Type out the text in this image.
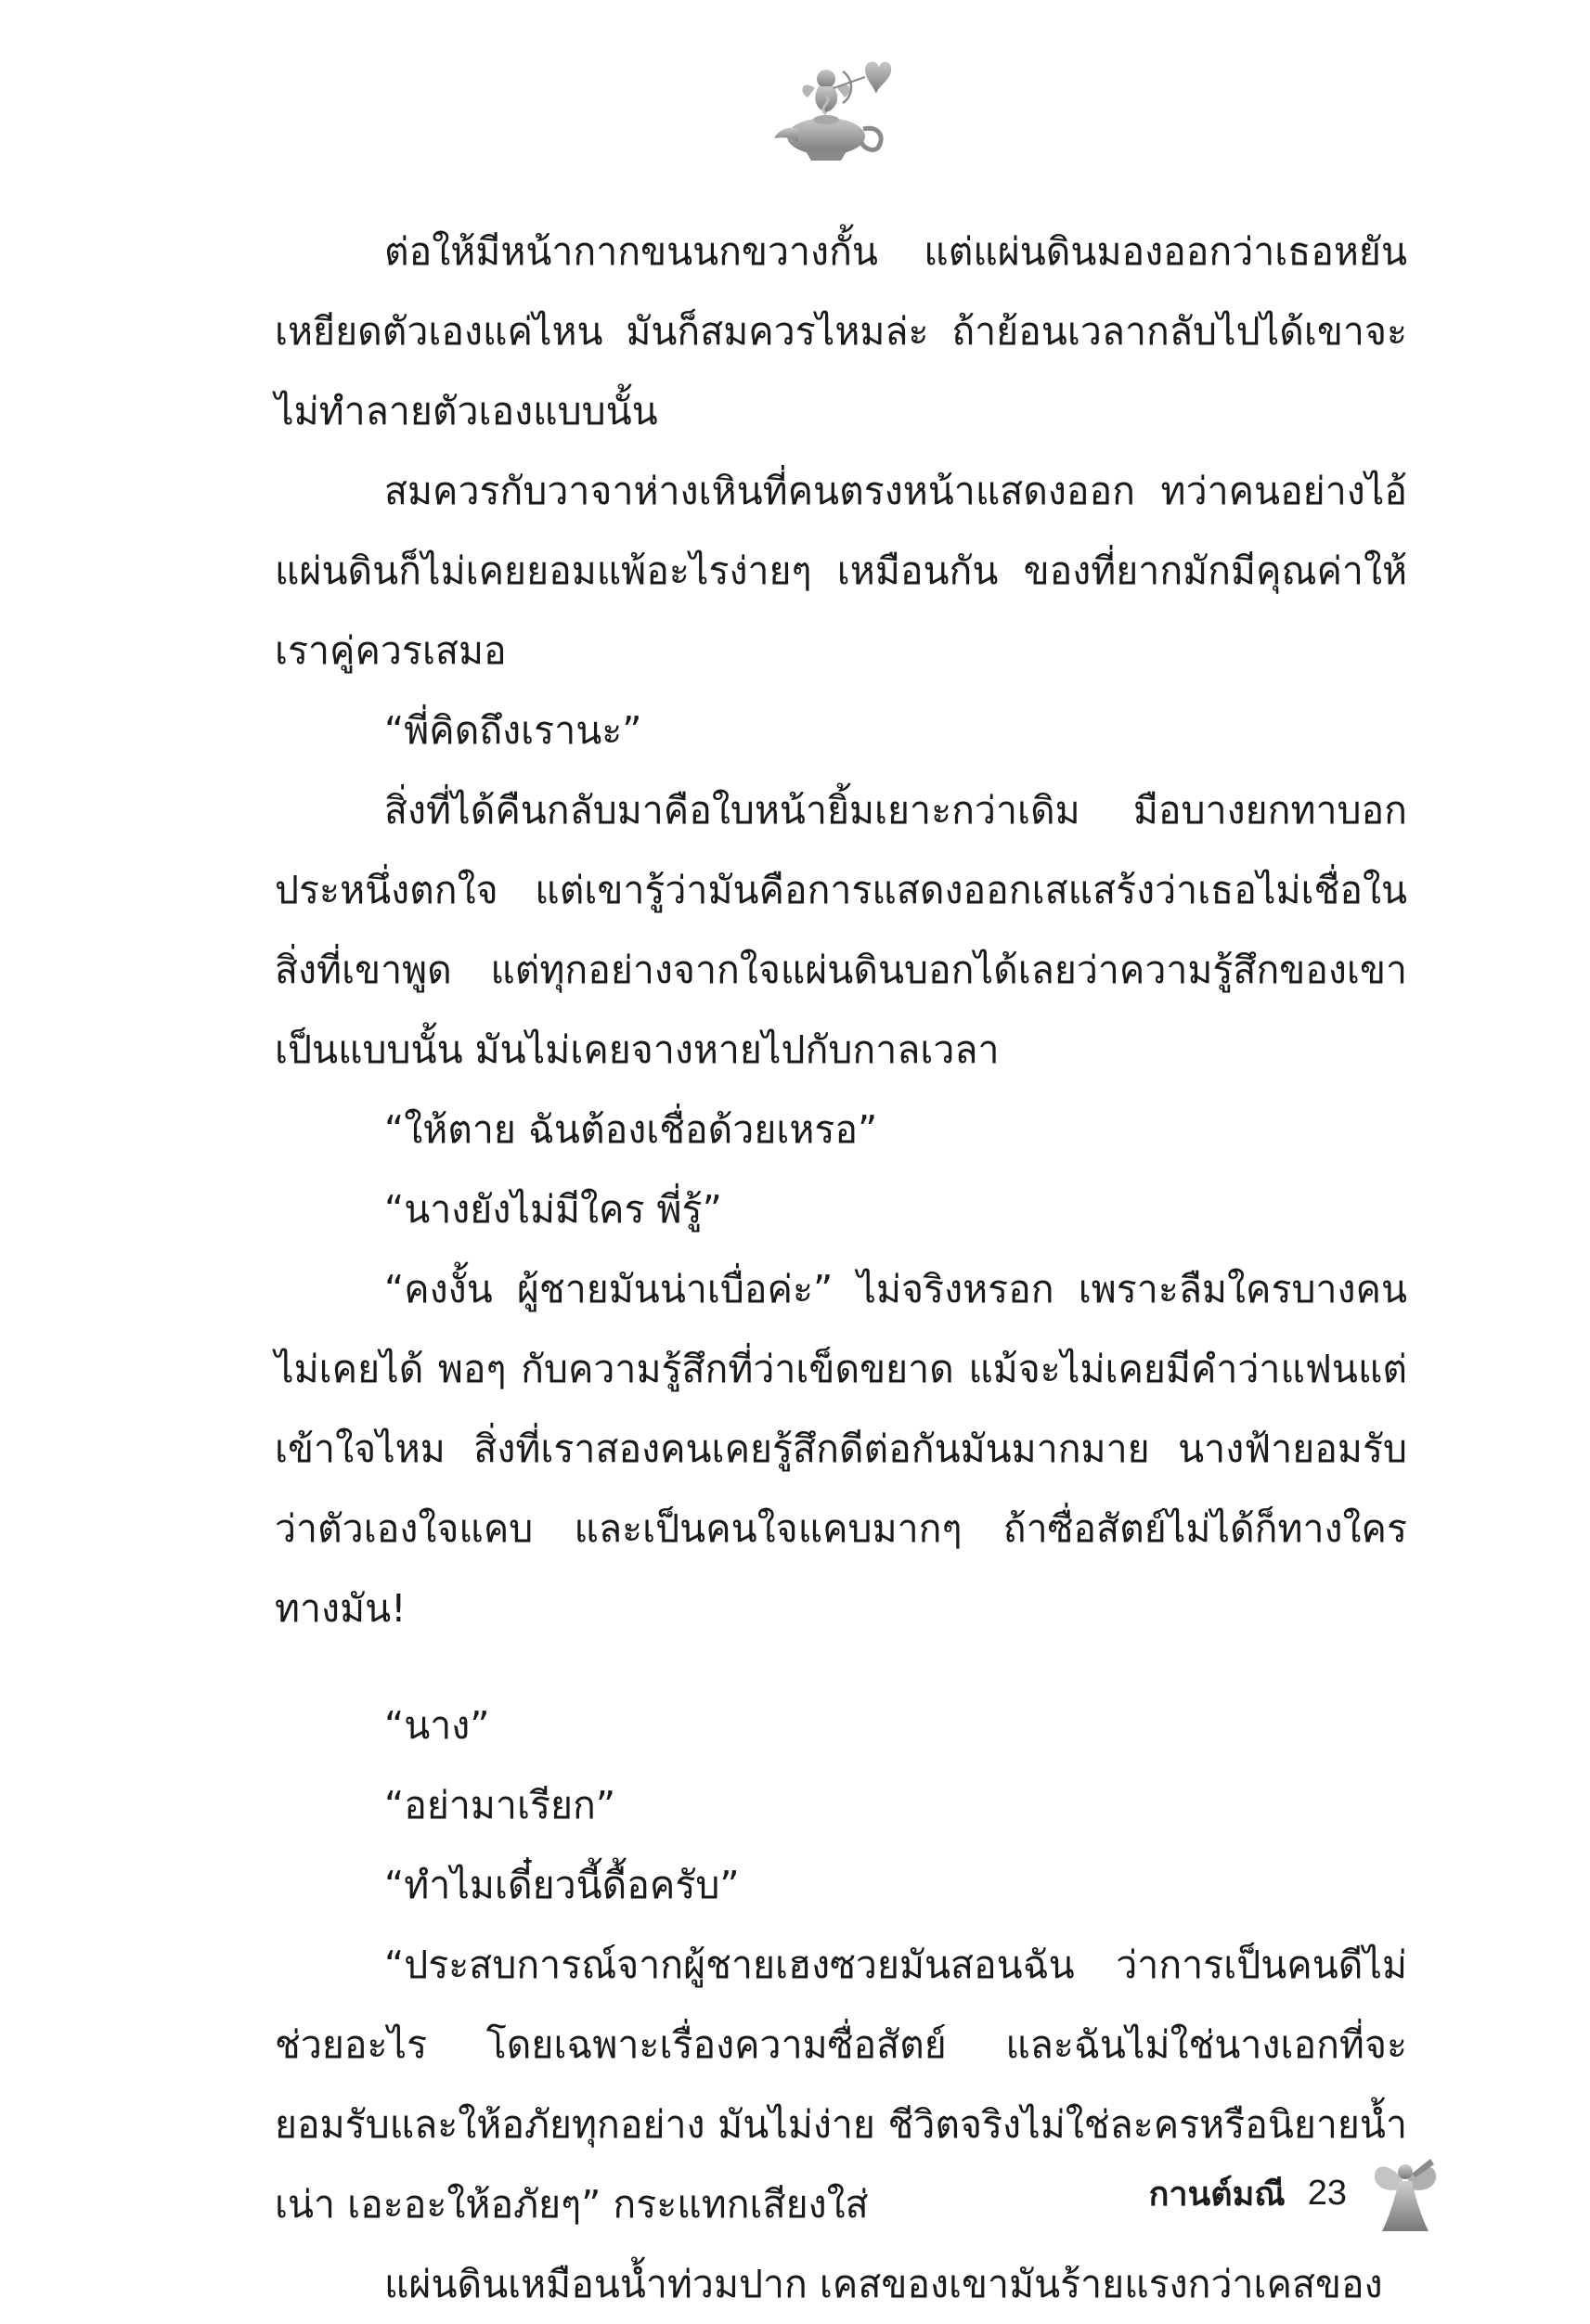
ต่อให้มีหน้ากากขนนกขวางกั้น แต่แผ่นดินมองออกว่าเธอหยันเหยียดตัวเองแค่ไหน มันก็สมควรไหมล่ะ ถ้าย้อนเวลากลับไปได้เขาจะไม่ทำลายตัวเองแบบนั้น

สมควรกับวาจาห่างเหินที่คนตรงหน้าแสดงออก ทว่าคนอย่างไอ้แผ่นดินก็ไม่เคยยอมแพ้อะไรง่ายๆ เหมือนกัน ของที่ยากมักมีคุณค่าให้เราคู่ควรเสมอ

“พี่คิดถึงเรานะ”

สิ่งที่ได้คืนกลับมาคือใบหน้ายิ้มเยาะกว่าเดิม มือบางยกทาบอกประหนึ่งตกใจ แต่เขารู้ว่ามันคือการแสดงออกเสแสร้งว่าเธอไม่เชื่อในสิ่งที่เขาพูด แต่ทุกอย่างจากใจแผ่นดินบอกได้เลยว่าความรู้สึกของเขาเป็นแบบนั้น มันไม่เคยจางหายไปกับกาลเวลา

“ให้ตาย ฉันต้องเชื่อด้วยเหรอ”

“นางยังไม่มีใคร พี่รู้”

“คงงั้น ผู้ชายมันน่าเบื่อค่ะ” ไม่จริงหรอก เพราะลืมใครบางคนไม่เคยได้ พอๆ กับความรู้สึกที่ว่าเข็ดขยาด แม้จะไม่เคยมีคำว่าแฟนแต่เข้าใจไหม สิ่งที่เราสองคนเคยรู้สึกดีต่อกันมันมากมาย นางฟ้ายอมรับว่าตัวเองใจแคบ และเป็นคนใจแคบมากๆ ถ้าซื่อสัตย์ไม่ได้ก็ทางใครทางมัน!

“นาง”

“อย่ามาเรียก”

“ทำไมเดี๋ยวนี้ดื้อครับ”

“ประสบการณ์จากผู้ชายเฮงซวยมันสอนฉัน ว่าการเป็นคนดีไม่ช่วยอะไร โดยเฉพาะเรื่องความซื่อสัตย์ และฉันไม่ใช่นางเอกที่จะยอมรับและให้อภัยทุกอย่าง มันไม่ง่าย ชีวิตจริงไม่ใช่ละครหรือนิยายน้ำเน่า เอะอะให้อภัยๆ” กระแทกเสียงใส่

แผ่นดินเหมือนน้ำท่วมปาก เคสของเขามันร้ายแรงกว่าเคสของ

กานต์มณี 23
